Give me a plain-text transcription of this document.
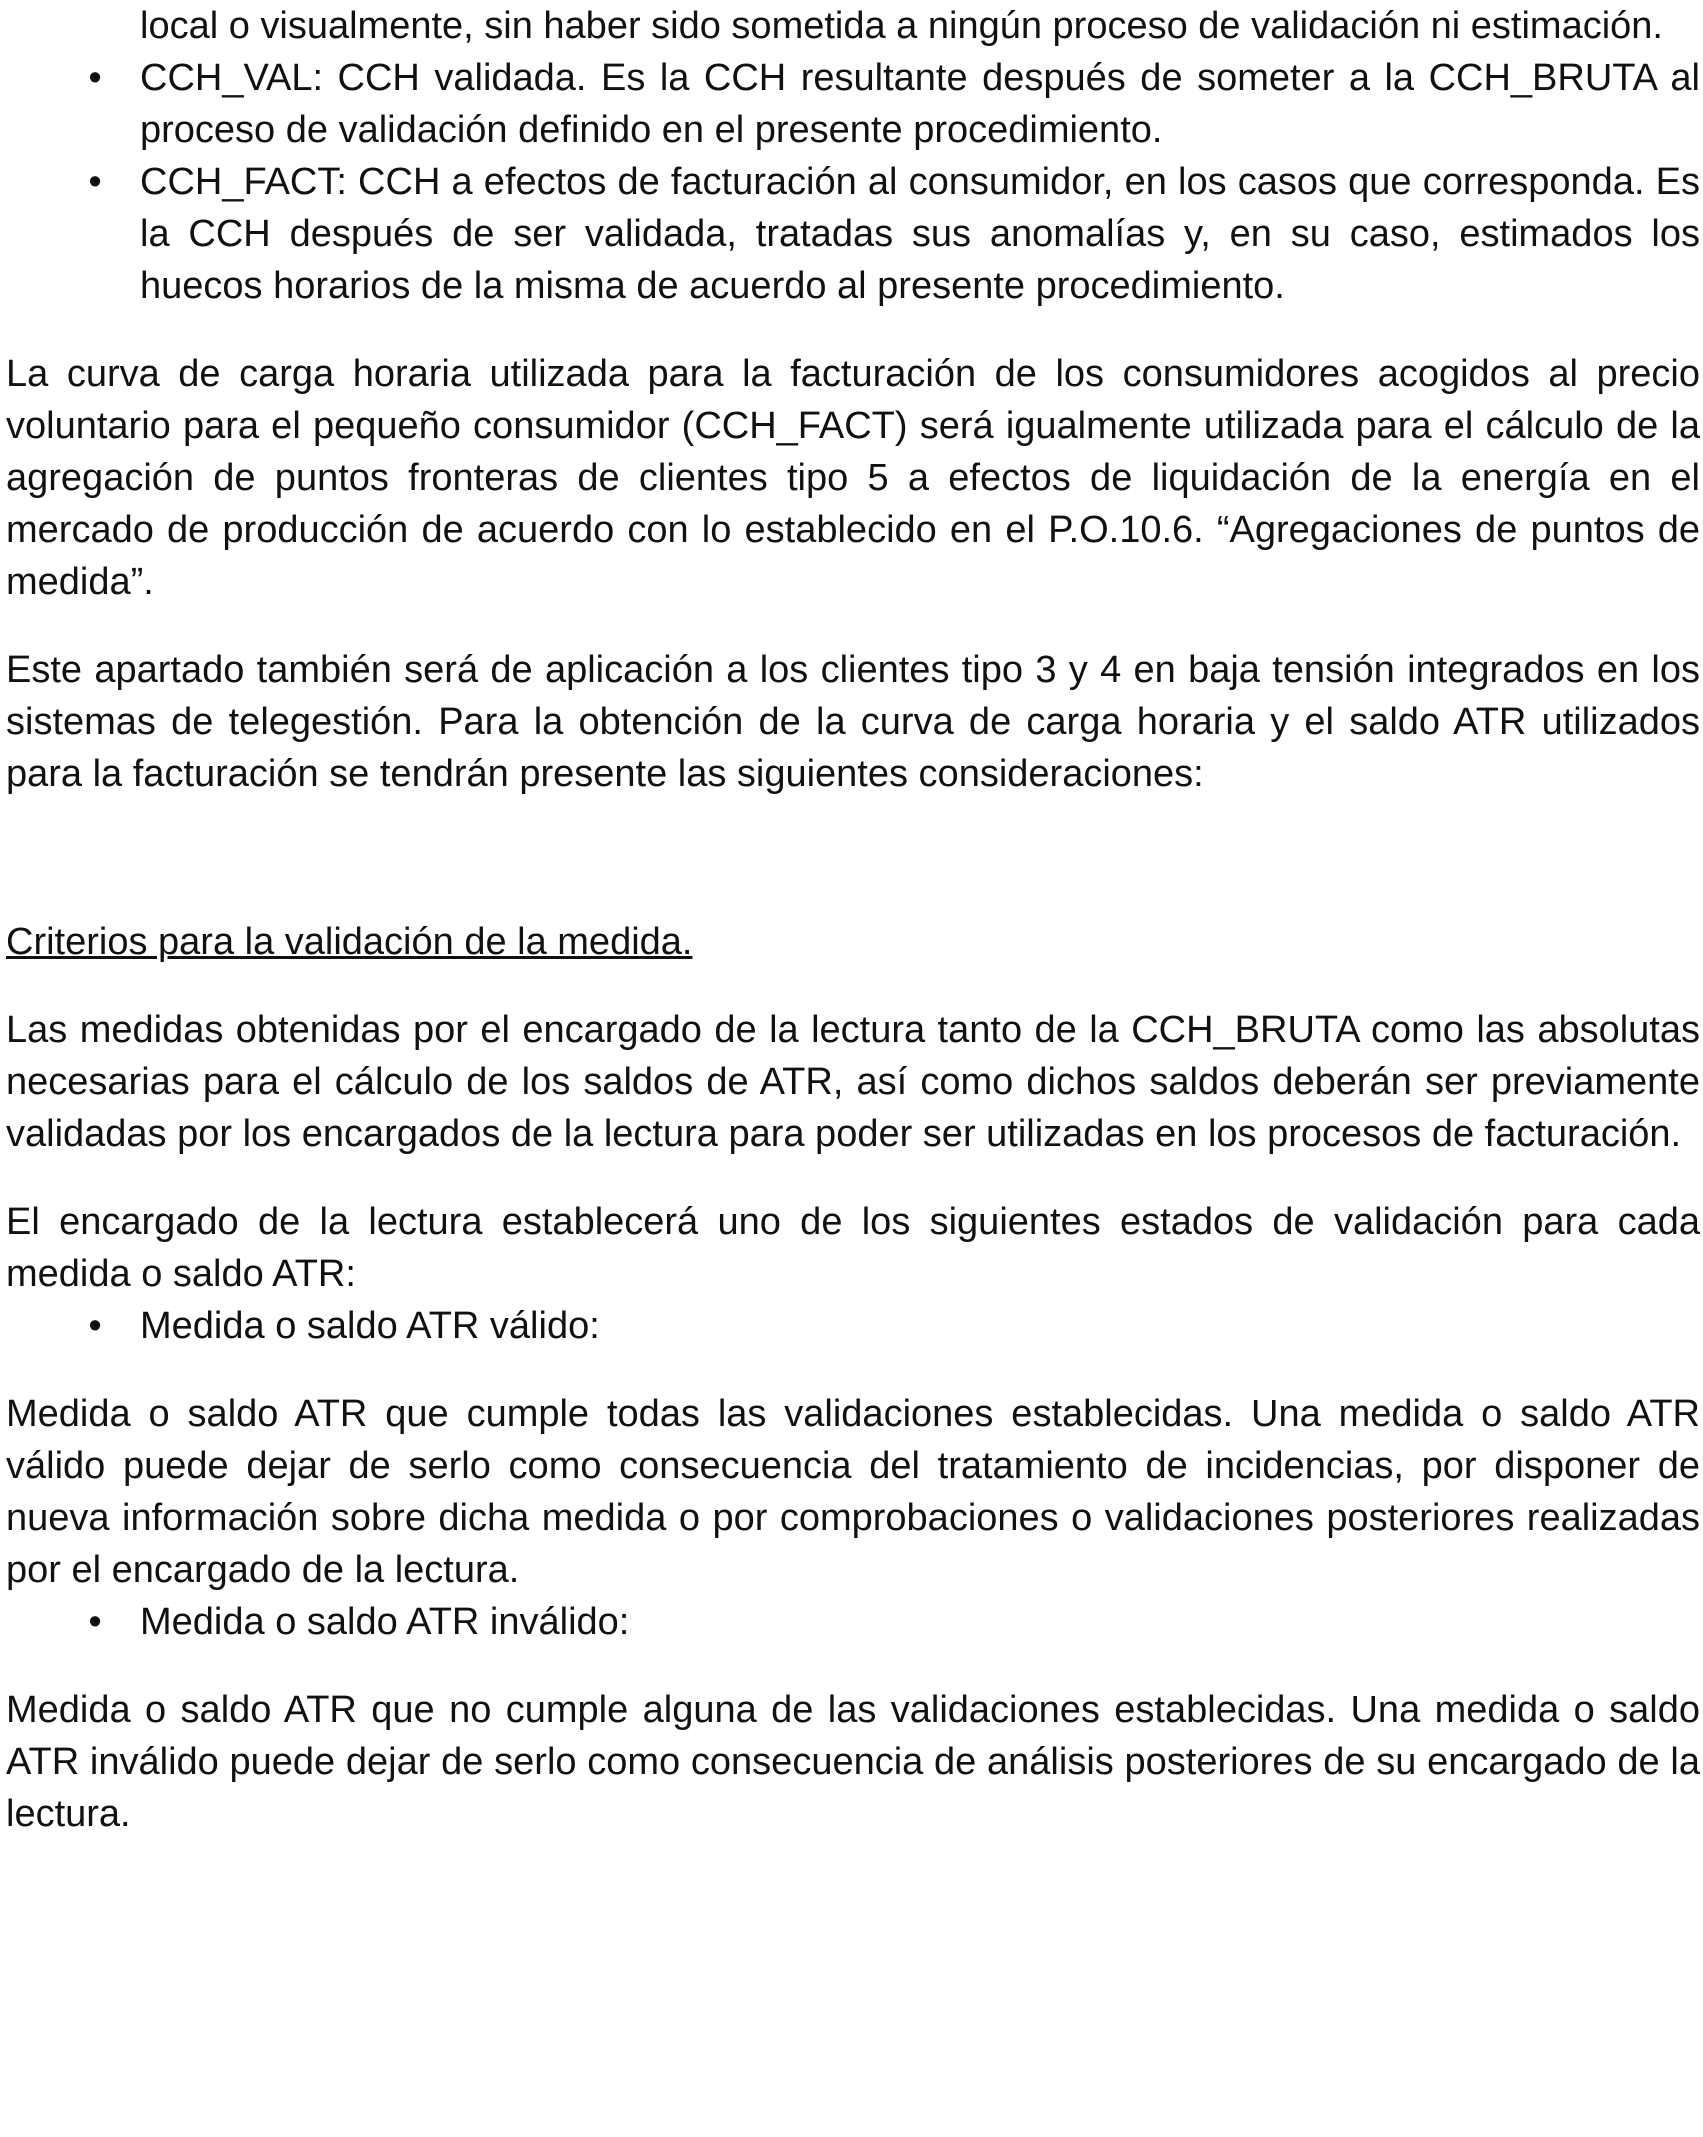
local o visualmente, sin haber sido sometida a ningún proceso de validación ni estimación.
• CCH_VAL: CCH validada. Es la CCH resultante después de someter a la CCH_BRUTA al proceso de validación definido en el presente procedimiento.
• CCH_FACT: CCH a efectos de facturación al consumidor, en los casos que corresponda. Es la CCH después de ser validada, tratadas sus anomalías y, en su caso, estimados los huecos horarios de la misma de acuerdo al presente procedimiento.

La curva de carga horaria utilizada para la facturación de los consumidores acogidos al precio voluntario para el pequeño consumidor (CCH_FACT) será igualmente utilizada para el cálculo de la agregación de puntos fronteras de clientes tipo 5 a efectos de liquidación de la energía en el mercado de producción de acuerdo con lo establecido en el P.O.10.6. “Agregaciones de puntos de medida”.

Este apartado también será de aplicación a los clientes tipo 3 y 4 en baja tensión integrados en los sistemas de telegestión. Para la obtención de la curva de carga horaria y el saldo ATR utilizados para la facturación se tendrán presente las siguientes consideraciones:

Criterios para la validación de la medida.

Las medidas obtenidas por el encargado de la lectura tanto de la CCH_BRUTA como las absolutas necesarias para el cálculo de los saldos de ATR, así como dichos saldos deberán ser previamente validadas por los encargados de la lectura para poder ser utilizadas en los procesos de facturación.

El encargado de la lectura establecerá uno de los siguientes estados de validación para cada medida o saldo ATR:

• Medida o saldo ATR válido:

Medida o saldo ATR que cumple todas las validaciones establecidas. Una medida o saldo ATR válido puede dejar de serlo como consecuencia del tratamiento de incidencias, por disponer de nueva información sobre dicha medida o por comprobaciones o validaciones posteriores realizadas por el encargado de la lectura.

• Medida o saldo ATR inválido:

Medida o saldo ATR que no cumple alguna de las validaciones establecidas. Una medida o saldo ATR inválido puede dejar de serlo como consecuencia de análisis posteriores de su encargado de la lectura.
